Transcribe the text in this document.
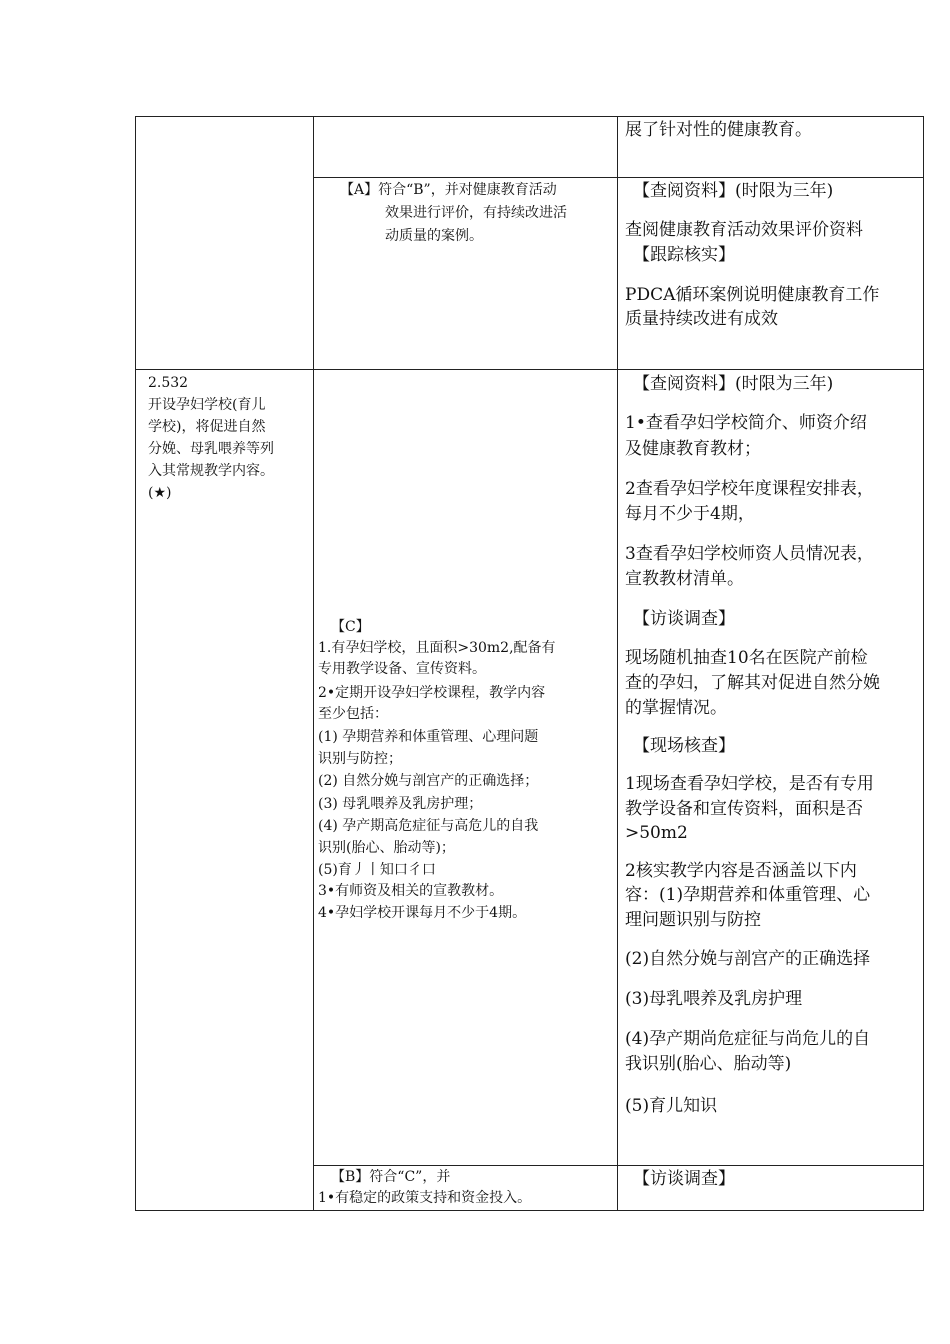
展了针对性的健康教育。
【A】符合“B”，并对健康教育活动
效果进行评价，有持续改进活
动质量的案例。
【查阅资料】(时限为三年)
查阅健康教育活动效果评价资料
【跟踪核实】
PDCA循环案例说明健康教育工作
质量持续改进有成效
2.532
开设孕妇学校(育儿
学校)，将促进自然
分娩、母乳喂养等列
入其常规教学内容。
(★)
【C】
1.有孕妇学校，且面积>30m2,配备有
专用教学设备、宣传资料。
2•定期开设孕妇学校课程，教学内容
至少包括：
(1) 孕期营养和体重管理、心理问题
识别与防控；
(2) 自然分娩与剖宫产的正确选择；
(3) 母乳喂养及乳房护理；
(4) 孕产期高危症征与高危儿的自我
识别(胎心、胎动等)；
(5)育丿丨知口彳口
3•有师资及相关的宣教教材。
4•孕妇学校开课每月不少于4期。
【查阅资料】(时限为三年)
1•查看孕妇学校简介、师资介绍
及健康教育教材；
2查看孕妇学校年度课程安排表，
每月不少于4期，
3查看孕妇学校师资人员情况表，
宣教教材清单。
【访谈调查】
现场随机抽查10名在医院产前检
查的孕妇，了解其对促进自然分娩
的掌握情况。
【现场核查】
1现场查看孕妇学校，是否有专用
教学设备和宣传资料，面积是否
>50m2
2核实教学内容是否涵盖以下内
容：(1)孕期营养和体重管理、心
理问题识别与防控
(2)自然分娩与剖宫产的正确选择
(3)母乳喂养及乳房护理
(4)孕产期尚危症征与尚危儿的自
我识别(胎心、胎动等)
(5)育儿知识
【B】符合“C”，并
1•有稳定的政策支持和资金投入。
【访谈调查】
